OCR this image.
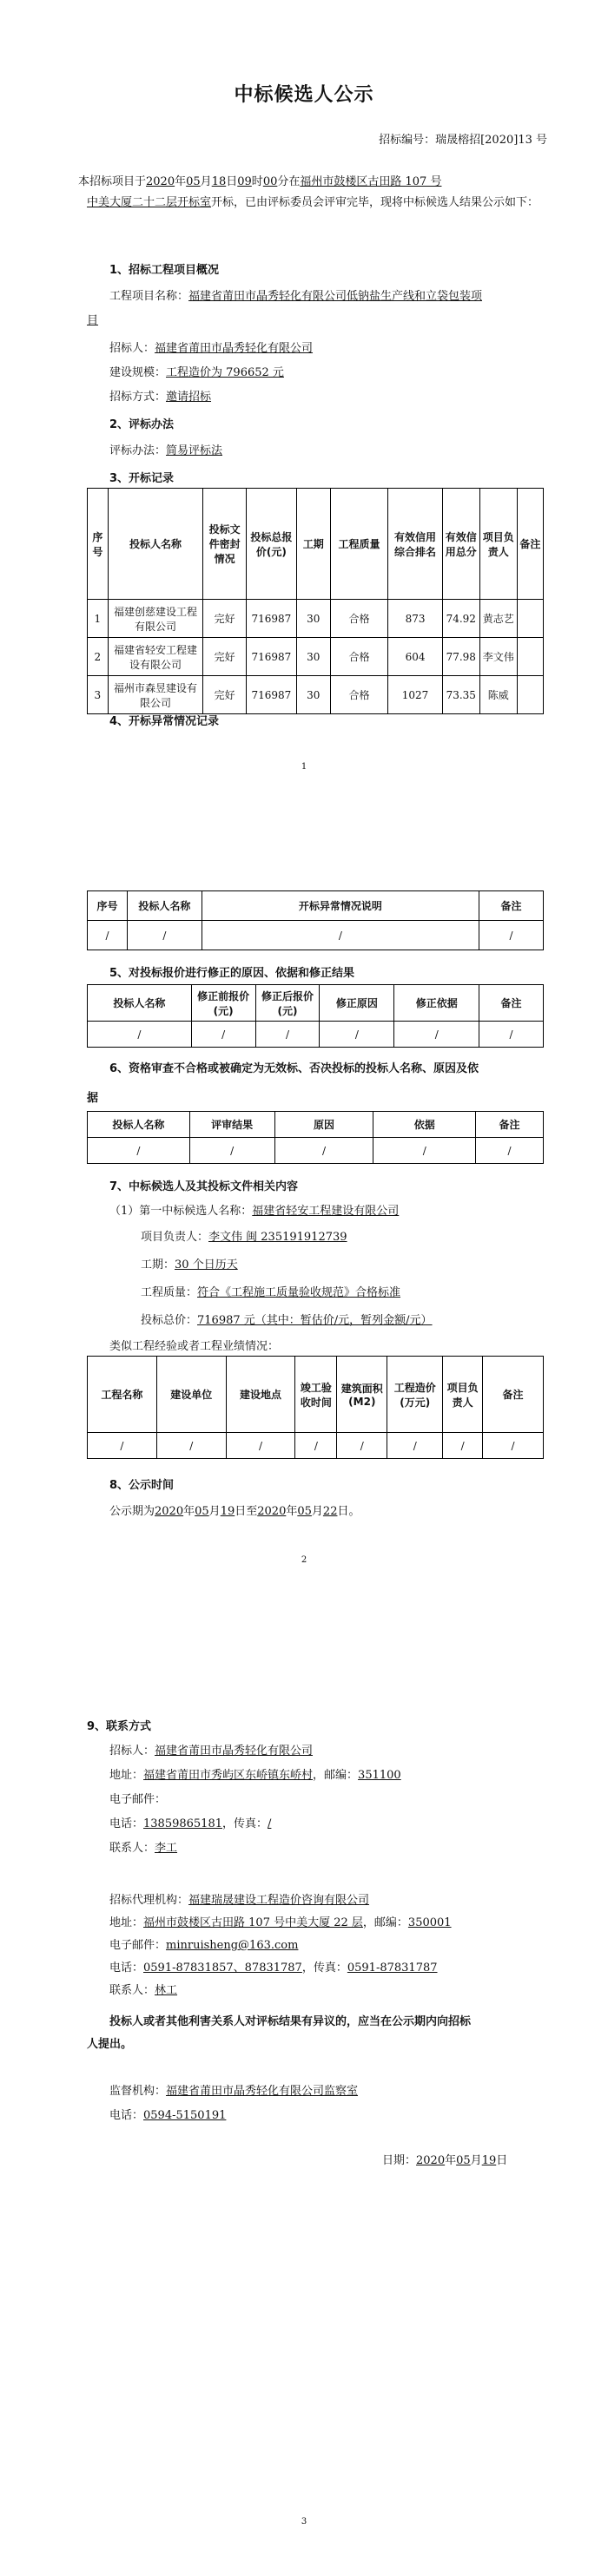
中标候选人公示
招标编号：瑞晟榕招[2020]13 号
本招标项目于2020年05月18日09时00分在福州市鼓楼区古田路 107 号
中美大厦二十二层开标室开标，已由评标委员会评审完毕，现将中标候选人结果公示如下：
1、招标工程项目概况
工程项目名称：福建省莆田市晶秀轻化有限公司低钠盐生产线和立袋包装项
目
招标人：福建省莆田市晶秀轻化有限公司
建设规模：工程造价为 796652 元
招标方式：邀请招标
2、评标办法
评标办法：简易评标法
3、开标记录
序号	投标人名称	投标文件密封情况	投标总报价(元)	工期	工程质量	有效信用综合排名	有效信用总分	项目负责人	备注
1	福建创慈建设工程有限公司	完好	716987	30	合格	873	74.92	黄志艺	
2	福建省轻安工程建设有限公司	完好	716987	30	合格	604	77.98	李文伟	
3	福州市森昱建设有限公司	完好	716987	30	合格	1027	73.35	陈威	
4、开标异常情况记录
1
序号	投标人名称	开标异常情况说明	备注
/	/	/	/
5、对投标报价进行修正的原因、依据和修正结果
投标人名称	修正前报价(元)	修正后报价(元)	修正原因	修正依据	备注
/	/	/	/	/	/
6、资格审查不合格或被确定为无效标、否决投标的投标人名称、原因及依
据
投标人名称	评审结果	原因	依据	备注
/	/	/	/	/
7、中标候选人及其投标文件相关内容
（1）第一中标候选人名称：福建省轻安工程建设有限公司
项目负责人：李文伟 闽 235191912739
工期：30 个日历天
工程质量：符合《工程施工质量验收规范》合格标准
投标总价：716987 元（其中：暂估价/元，暂列金额/元）
类似工程经验或者工程业绩情况：
工程名称	建设单位	建设地点	竣工验收时间	建筑面积(M2)	工程造价(万元)	项目负责人	备注
/	/	/	/	/	/	/	/
8、公示时间
公示期为2020年05月19日至2020年05月22日。
2
9、联系方式
招标人：福建省莆田市晶秀轻化有限公司
地址：福建省莆田市秀屿区东峤镇东峤村，邮编：351100
电子邮件：
电话：13859865181，传真：/
联系人：李工
招标代理机构：福建瑞晟建设工程造价咨询有限公司
地址：福州市鼓楼区古田路 107 号中美大厦 22 层，邮编：350001
电子邮件：minruisheng@163.com
电话：0591-87831857、87831787，传真：0591-87831787
联系人：林工
投标人或者其他利害关系人对评标结果有异议的，应当在公示期内向招标
人提出。
监督机构：福建省莆田市晶秀轻化有限公司监察室
电话：0594-5150191
日期：2020年05月19日
3
